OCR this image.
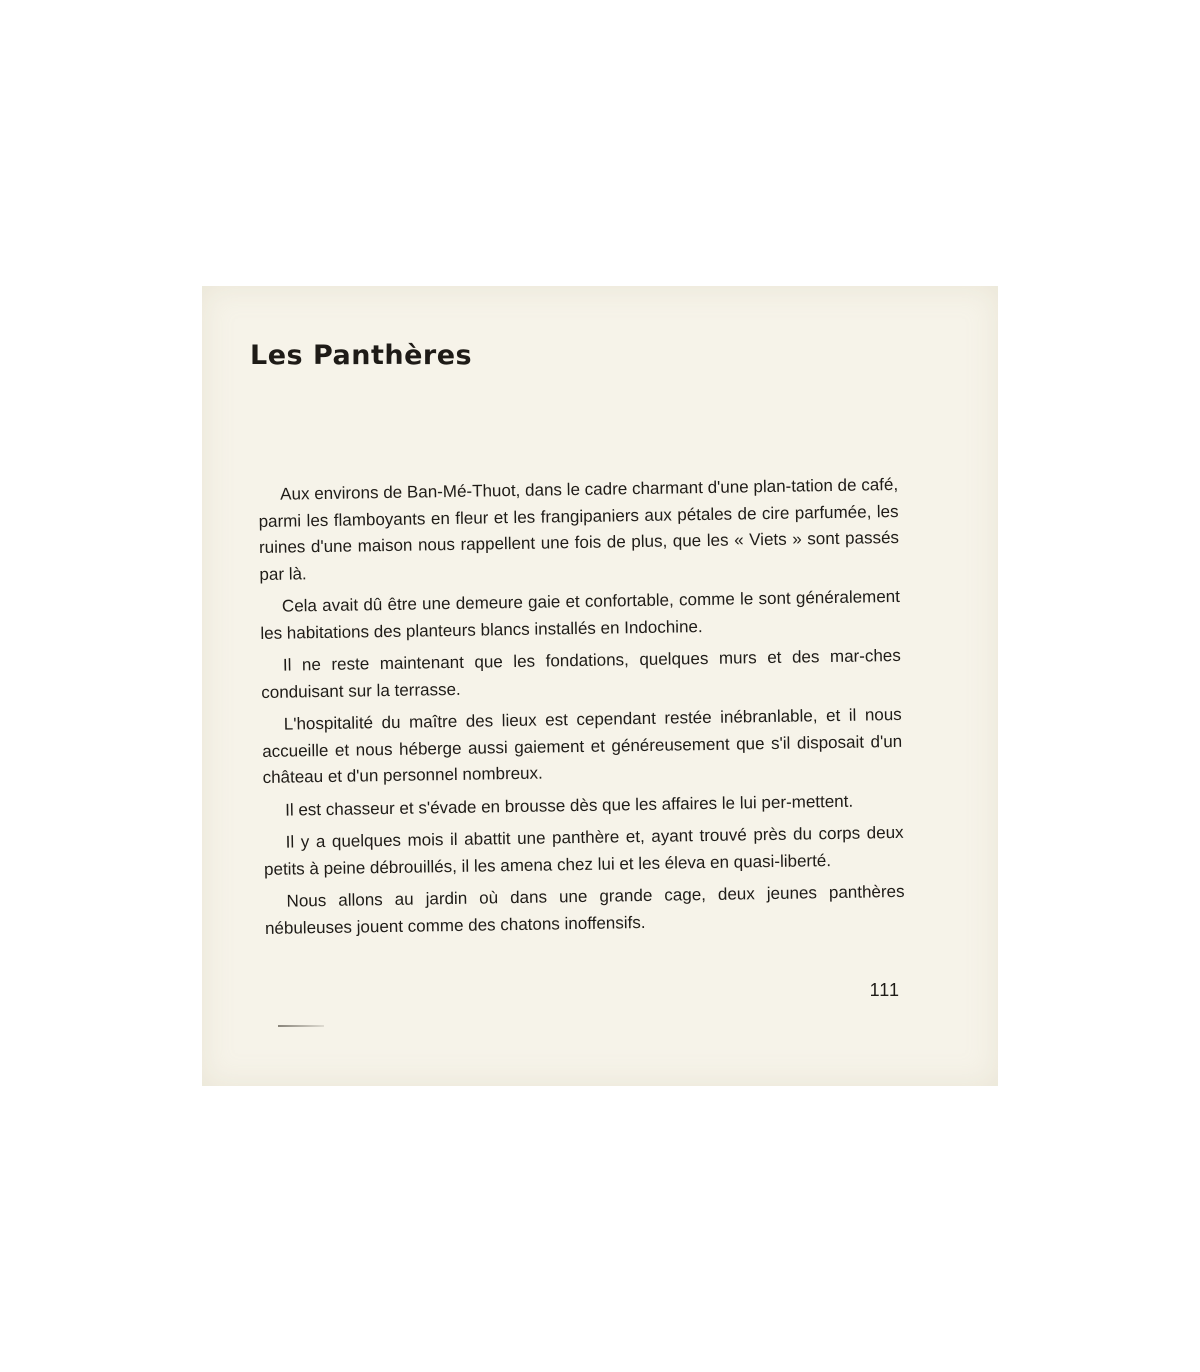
Les Panthères

Aux environs de Ban-Mé-Thuot, dans le cadre charmant d'une plan-tation de café, parmi les flamboyants en fleur et les frangipaniers aux pétales de cire parfumée, les ruines d'une maison nous rappellent une fois de plus, que les « Viets » sont passés par là.

Cela avait dû être une demeure gaie et confortable, comme le sont généralement les habitations des planteurs blancs installés en Indochine.

Il ne reste maintenant que les fondations, quelques murs et des mar-ches conduisant sur la terrasse.

L'hospitalité du maître des lieux est cependant restée inébranlable, et il nous accueille et nous héberge aussi gaiement et généreusement que s'il disposait d'un château et d'un personnel nombreux.

Il est chasseur et s'évade en brousse dès que les affaires le lui per-mettent.

Il y a quelques mois il abattit une panthère et, ayant trouvé près du corps deux petits à peine débrouillés, il les amena chez lui et les éleva en quasi-liberté.

Nous allons au jardin où dans une grande cage, deux jeunes panthères nébuleuses jouent comme des chatons inoffensifs.

111
